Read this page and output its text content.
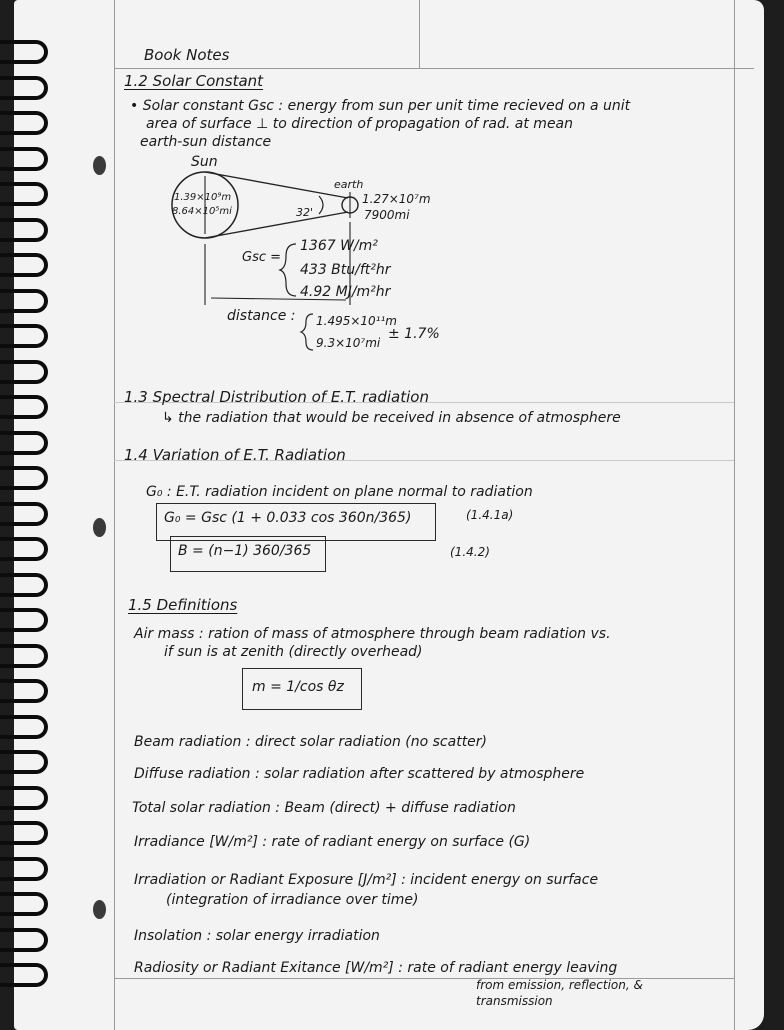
Book Notes
1.2 Solar Constant
• Solar constant Gsc : energy from sun per unit time recieved on a unit
area of surface ⊥ to direction of propagation of rad. at mean
earth-sun distance
Sun
1.39×10⁹m
8.64×10⁵mi	32'
earth
1.27×10⁷m
7900mi
Gsc =
1367 W/m²
433 Btu/ft²hr
4.92 MJ/m²hr
distance : 1.495×10¹¹m
9.3×10⁷mi
± 1.7%
1.3 Spectral Distribution of E.T. radiation
↳ the radiation that would be received in absence of atmosphere
1.4 Variation of E.T. Radiation
G₀ : E.T. radiation incident on plane normal to radiation
G₀ = Gsc (1 + 0.033 cos 360n/365)	(1.4.1a)
B = (n−1) 360/365	(1.4.2)
1.5 Definitions
Air mass : ration of mass of atmosphere through beam radiation vs.
if sun is at zenith (directly overhead)
m = 1/cos θz
Beam radiation : direct solar radiation (no scatter)
Diffuse radiation : solar radiation after scattered by atmosphere
Total solar radiation : Beam (direct) + diffuse radiation
Irradiance [W/m²] : rate of radiant energy on surface (G)
Irradiation or Radiant Exposure [J/m²] : incident energy on surface
(integration of irradiance over time)
Insolation : solar energy irradiation
Radiosity or Radiant Exitance [W/m²] : rate of radiant energy leaving
from emission, reflection, &
transmission
